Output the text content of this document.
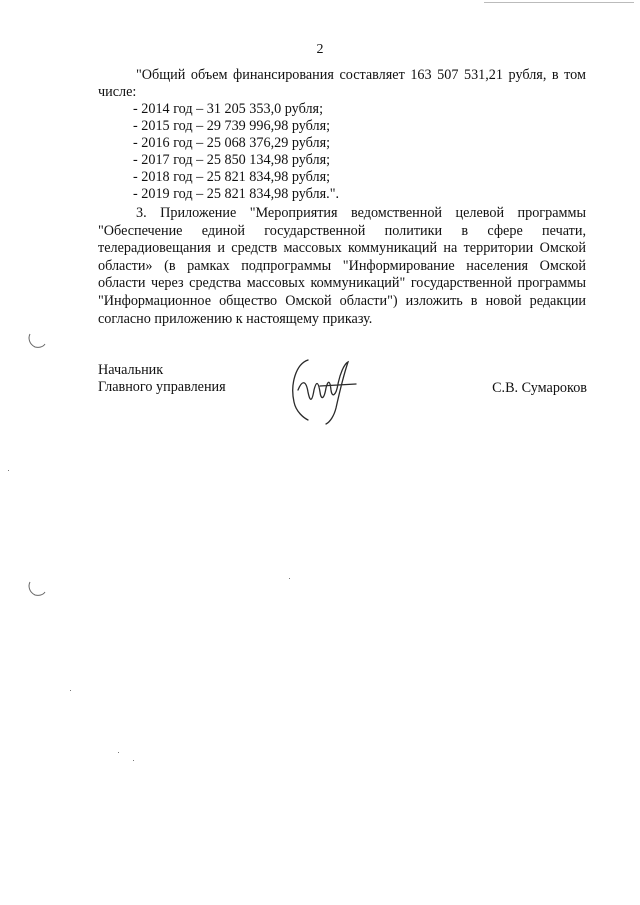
2
"Общий объем финансирования составляет 163 507 531,21 рубля, в том числе:
- 2014 год – 31 205 353,0 рубля;
- 2015 год – 29 739 996,98 рубля;
- 2016 год – 25 068 376,29 рубля;
- 2017 год – 25 850 134,98 рубля;
- 2018 год – 25 821 834,98 рубля;
- 2019 год – 25 821 834,98 рубля.".
3. Приложение "Мероприятия ведомственной целевой программы "Обеспечение единой государственной политики в сфере печати, телерадиовещания и средств массовых коммуникаций на территории Омской области» (в рамках подпрограммы "Информирование населения Омской области через средства массовых коммуникаций" государственной программы "Информационное общество Омской области") изложить в новой редакции согласно приложению к настоящему приказу.
Начальник
Главного управления	С.В. Сумароков
